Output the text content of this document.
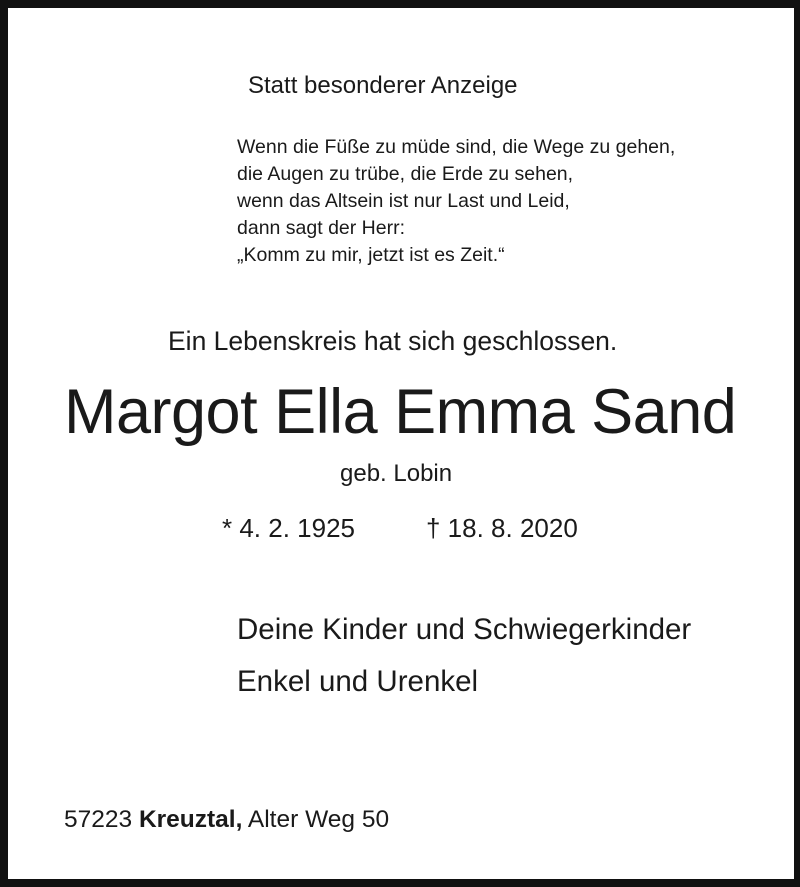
Statt besonderer Anzeige
Wenn die Füße zu müde sind, die Wege zu gehen,
die Augen zu trübe, die Erde zu sehen,
wenn das Altsein ist nur Last und Leid,
dann sagt der Herr:
„Komm zu mir, jetzt ist es Zeit.“
Ein Lebenskreis hat sich geschlossen.
Margot Ella Emma Sand
geb. Lobin
* 4. 2. 1925	† 18. 8. 2020
Deine Kinder und Schwiegerkinder
Enkel und Urenkel
57223 Kreuztal, Alter Weg 50
